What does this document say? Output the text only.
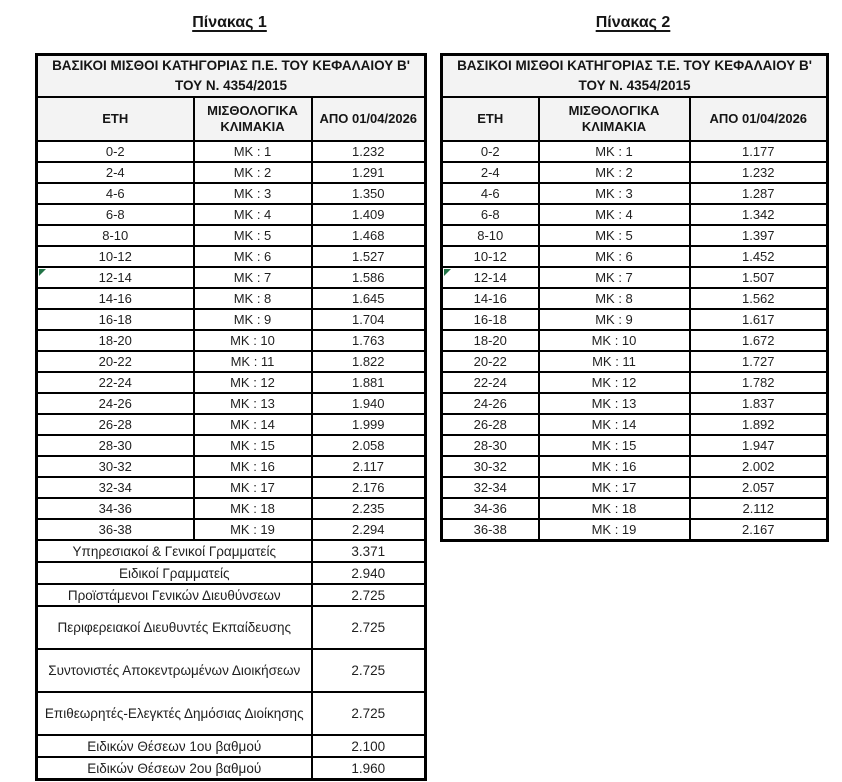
Πίνακας 1
ΒΑΣΙΚΟΙ ΜΙΣΘΟΙ ΚΑΤΗΓΟΡΙΑΣ Π.Ε. ΤΟΥ ΚΕΦΑΛΑΙΟΥ Β'
ΤΟΥ Ν. 4354/2015		

ΕΤΗ	ΜΙΣΘΟΛΟΓΙΚΑ ΚΛΙΜΑΚΙΑ	ΑΠΟ 01/04/2026
0-2	ΜΚ : 1	1.232
2-4	ΜΚ : 2	1.291
4-6	ΜΚ : 3	1.350
6-8	ΜΚ : 4	1.409
8-10	ΜΚ : 5	1.468
10-12	ΜΚ : 6	1.527
12-14	ΜΚ : 7	1.586
14-16	ΜΚ : 8	1.645
16-18	ΜΚ : 9	1.704
18-20	ΜΚ : 10	1.763
20-22	ΜΚ : 11	1.822
22-24	ΜΚ : 12	1.881
24-26	ΜΚ : 13	1.940
26-28	ΜΚ : 14	1.999
28-30	ΜΚ : 15	2.058
30-32	ΜΚ : 16	2.117
32-34	ΜΚ : 17	2.176
34-36	ΜΚ : 18	2.235
36-38	ΜΚ : 19	2.294
Υπηρεσιακοί & Γενικοί Γραμματείς		3.371
Ειδικοί Γραμματείς		2.940
Προϊστάμενοι Γενικών Διευθύνσεων		2.725
Περιφερειακοί Διευθυντές Εκπαίδευσης		2.725
Συντονιστές Αποκεντρωμένων Διοικήσεων		2.725
Επιθεωρητές-Ελεγκτές Δημόσιας Διοίκησης		2.725
Ειδικών Θέσεων 1ου βαθμού		2.100
Ειδικών Θέσεων 2ου βαθμού		1.960
Πίνακας 2
ΒΑΣΙΚΟΙ ΜΙΣΘΟΙ ΚΑΤΗΓΟΡΙΑΣ Τ.Ε. ΤΟΥ ΚΕΦΑΛΑΙΟΥ Β'
ΤΟΥ Ν. 4354/2015		

ΕΤΗ	ΜΙΣΘΟΛΟΓΙΚΑ ΚΛΙΜΑΚΙΑ	ΑΠΟ 01/04/2026
0-2	ΜΚ : 1	1.177
2-4	ΜΚ : 2	1.232
4-6	ΜΚ : 3	1.287
6-8	ΜΚ : 4	1.342
8-10	ΜΚ : 5	1.397
10-12	ΜΚ : 6	1.452
12-14	ΜΚ : 7	1.507
14-16	ΜΚ : 8	1.562
16-18	ΜΚ : 9	1.617
18-20	ΜΚ : 10	1.672
20-22	ΜΚ : 11	1.727
22-24	ΜΚ : 12	1.782
24-26	ΜΚ : 13	1.837
26-28	ΜΚ : 14	1.892
28-30	ΜΚ : 15	1.947
30-32	ΜΚ : 16	2.002
32-34	ΜΚ : 17	2.057
34-36	ΜΚ : 18	2.112
36-38	ΜΚ : 19	2.167
